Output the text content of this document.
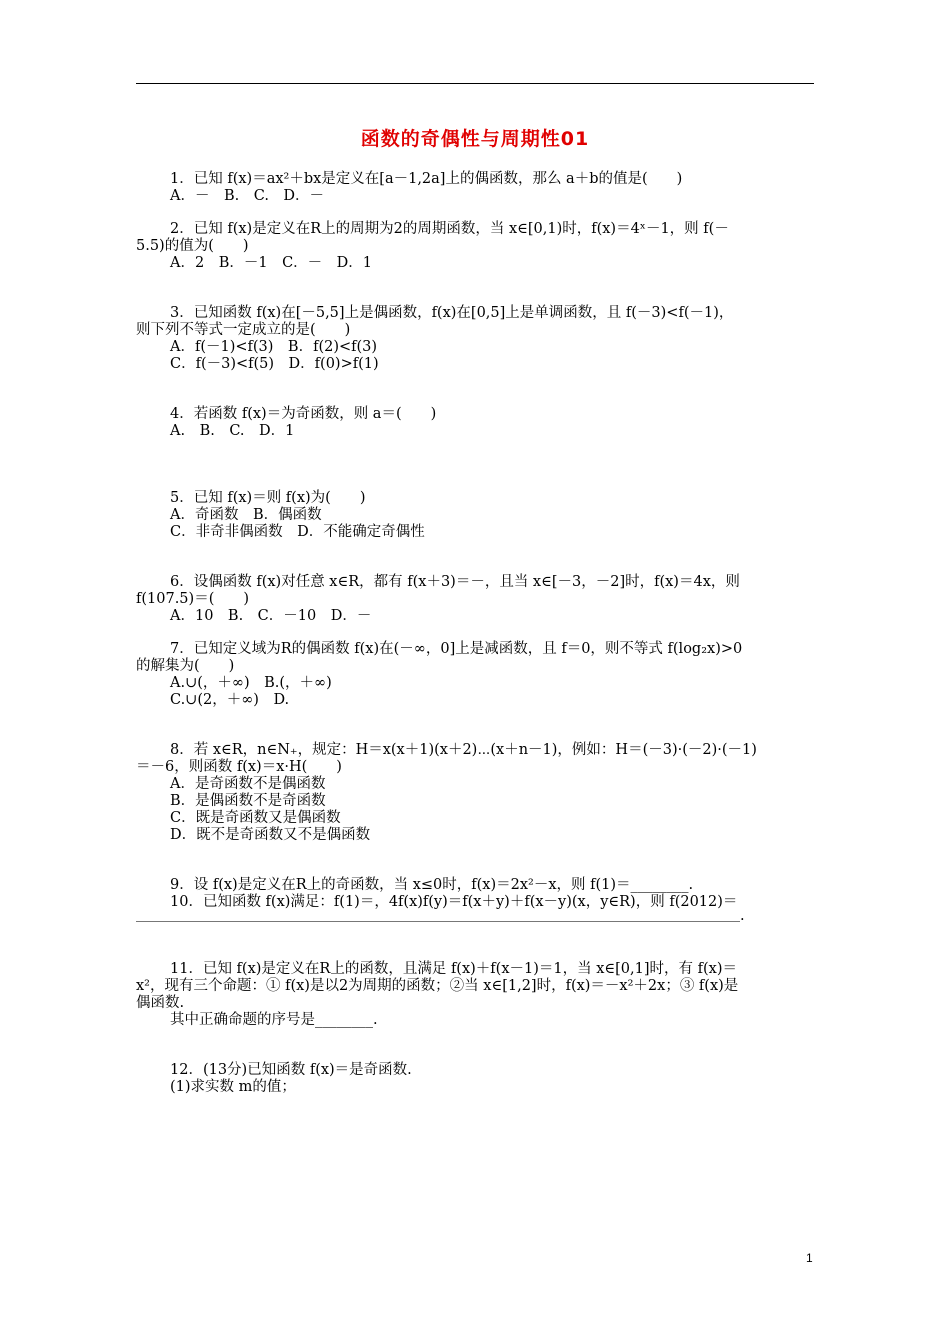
函数的奇偶性与周期性01
1．已知 f(x)＝ax²＋bx是定义在[a－1,2a]上的偶函数，那么 a＋b的值是(　　)
A．－　B.　C.　D．－
2．已知 f(x)是定义在R上的周期为2的周期函数，当 x∈[0,1)时，f(x)＝4ˣ－1，则 f(－
5.5)的值为(　　)
A．2　B．－1　C．－　D．1
3．已知函数 f(x)在[－5,5]上是偶函数，f(x)在[0,5]上是单调函数，且 f(－3)<f(－1)，
则下列不等式一定成立的是(　　)
A．f(－1)<f(3)　B．f(2)<f(3)
C．f(－3)<f(5)　D．f(0)>f(1)
4．若函数 f(x)＝为奇函数，则 a＝(　　)
A.　B.　C.　D．1
5．已知 f(x)＝则 f(x)为(　　)
A．奇函数　B．偶函数
C．非奇非偶函数　D．不能确定奇偶性
6．设偶函数 f(x)对任意 x∈R，都有 f(x＋3)＝－，且当 x∈[－3，－2]时，f(x)＝4x，则
f(107.5)＝(　　)
A．10　B.　C．－10　D．－
7．已知定义域为R的偶函数 f(x)在(－∞，0]上是减函数，且 f＝0，则不等式 f(log₂x)>0
的解集为(　　)
A.∪(，＋∞)　B.(，＋∞)
C.∪(2，＋∞)　D.
8．若 x∈R，n∈N₊，规定：H＝x(x＋1)(x＋2)⋯(x＋n－1)，例如：H＝(－3)·(－2)·(－1)
＝－6，则函数 f(x)＝x·H(　　)
A．是奇函数不是偶函数
B．是偶函数不是奇函数
C．既是奇函数又是偶函数
D．既不是奇函数又不是偶函数
9．设 f(x)是定义在R上的奇函数，当 x≤0时，f(x)＝2x²－x，则 f(1)＝________.
10．已知函数 f(x)满足：f(1)＝，4f(x)f(y)＝f(x＋y)＋f(x－y)(x，y∈R)，则 f(2012)＝
.
11．已知 f(x)是定义在R上的函数，且满足 f(x)＋f(x－1)＝1，当 x∈[0,1]时，有 f(x)＝
x²，现有三个命题：① f(x)是以2为周期的函数；②当 x∈[1,2]时，f(x)＝－x²＋2x；③ f(x)是
偶函数.
其中正确命题的序号是________.
12．(13分)已知函数 f(x)＝是奇函数.
(1)求实数 m的值；
1
